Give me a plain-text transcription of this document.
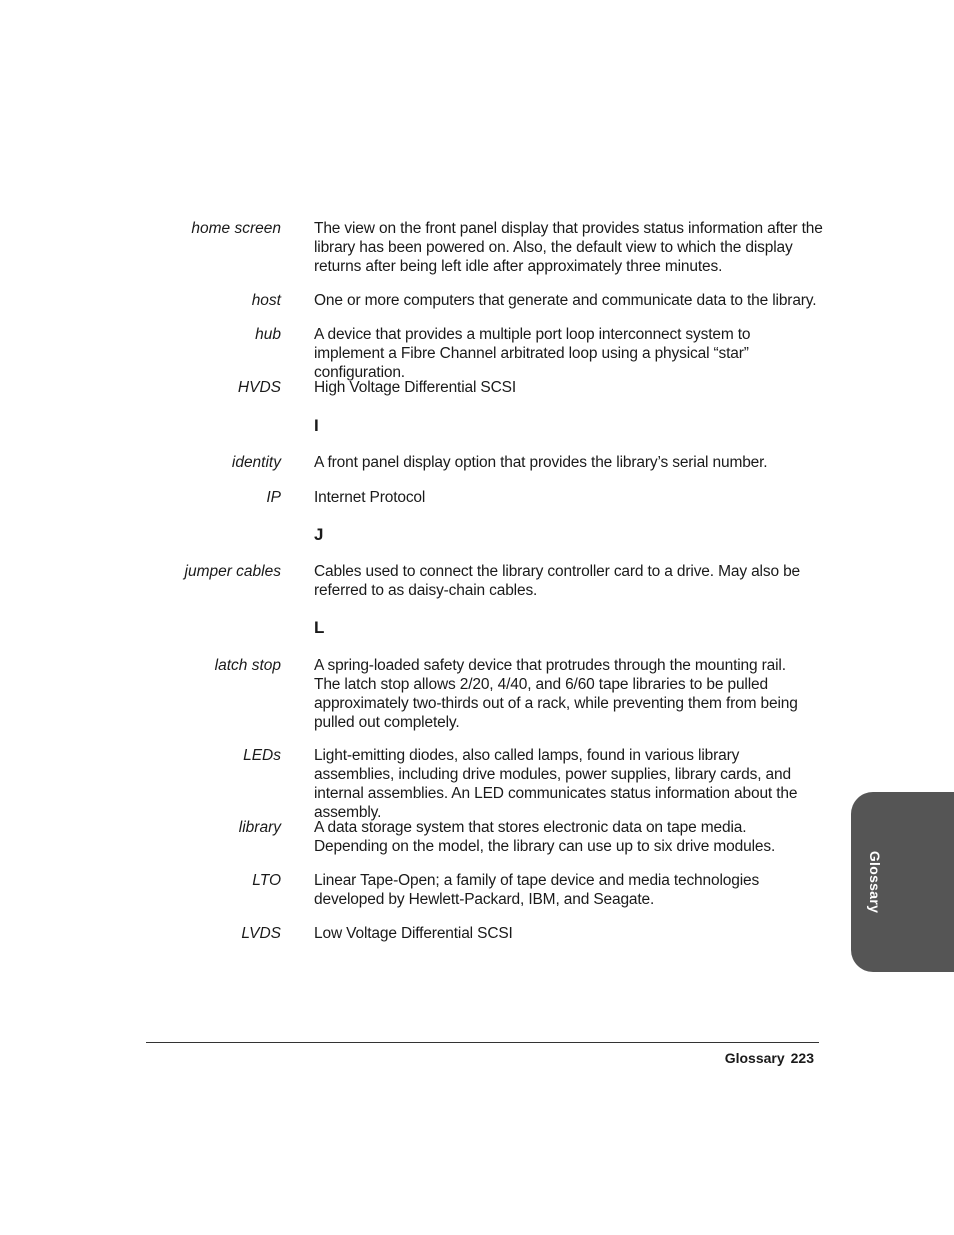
home screen The view on the front panel display that provides status information after the library has been powered on. Also, the default view to which the display returns after being left idle after approximately three minutes.
host One or more computers that generate and communicate data to the library.
hub A device that provides a multiple port loop interconnect system to implement a Fibre Channel arbitrated loop using a physical “star” configuration.
HVDS High Voltage Differential SCSI
I
identity A front panel display option that provides the library’s serial number.
IP Internet Protocol
J
jumper cables Cables used to connect the library controller card to a drive. May also be referred to as daisy-chain cables.
L
latch stop A spring-loaded safety device that protrudes through the mounting rail. The latch stop allows 2/20, 4/40, and 6/60 tape libraries to be pulled approximately two-thirds out of a rack, while preventing them from being pulled out completely.
LEDs Light-emitting diodes, also called lamps, found in various library assemblies, including drive modules, power supplies, library cards, and internal assemblies. An LED communicates status information about the assembly.
library A data storage system that stores electronic data on tape media. Depending on the model, the library can use up to six drive modules.
LTO Linear Tape-Open; a family of tape device and media technologies developed by Hewlett-Packard, IBM, and Seagate.
LVDS Low Voltage Differential SCSI
Glossary 223
Glossary
